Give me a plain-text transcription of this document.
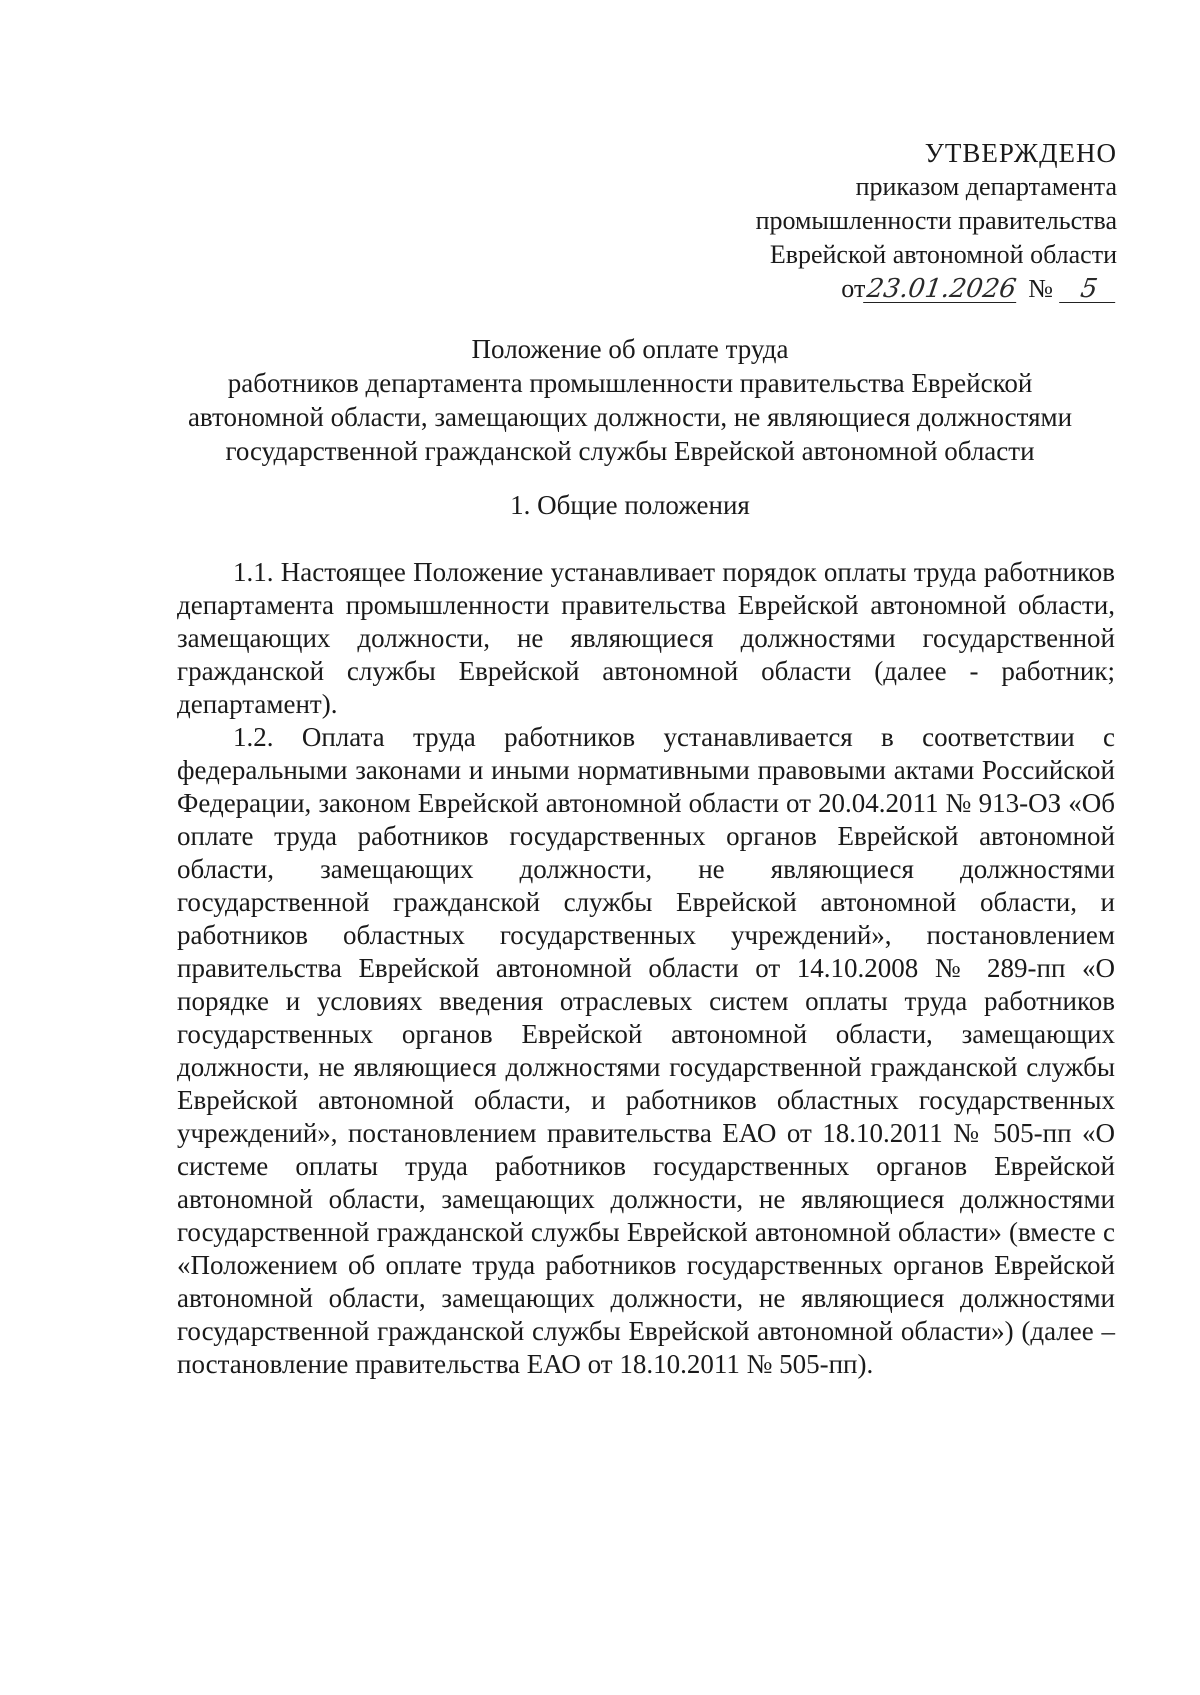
УТВЕРЖДЕНО
приказом департамента
промышленности правительства
Еврейской автономной области
от 23.01.2026 № 5
Положение об оплате труда
работников департамента промышленности правительства Еврейской
автономной области, замещающих должности, не являющиеся должностями
государственной гражданской службы Еврейской автономной области
1. Общие положения

1.1. Настоящее Положение устанавливает порядок оплаты труда работников департамента промышленности правительства Еврейской автономной области, замещающих должности, не являющиеся должностями государственной гражданской службы Еврейской автономной области (далее - работник; департамент).

1.2. Оплата труда работников устанавливается в соответствии с федеральными законами и иными нормативными правовыми актами Российской Федерации, законом Еврейской автономной области от 20.04.2011 № 913-ОЗ «Об оплате труда работников государственных органов Еврейской автономной области, замещающих должности, не являющиеся должностями государственной гражданской службы Еврейской автономной области, и работников областных государственных учреждений», постановлением правительства Еврейской автономной области от 14.10.2008 № 289-пп «О порядке и условиях введения отраслевых систем оплаты труда работников государственных органов Еврейской автономной области, замещающих должности, не являющиеся должностями государственной гражданской службы Еврейской автономной области, и работников областных государственных учреждений», постановлением правительства ЕАО от 18.10.2011 № 505-пп «О системе оплаты труда работников государственных органов Еврейской автономной области, замещающих должности, не являющиеся должностями государственной гражданской службы Еврейской автономной области» (вместе с «Положением об оплате труда работников государственных органов Еврейской автономной области, замещающих должности, не являющиеся должностями государственной гражданской службы Еврейской автономной области») (далее – постановление правительства ЕАО от 18.10.2011 № 505-пп).
